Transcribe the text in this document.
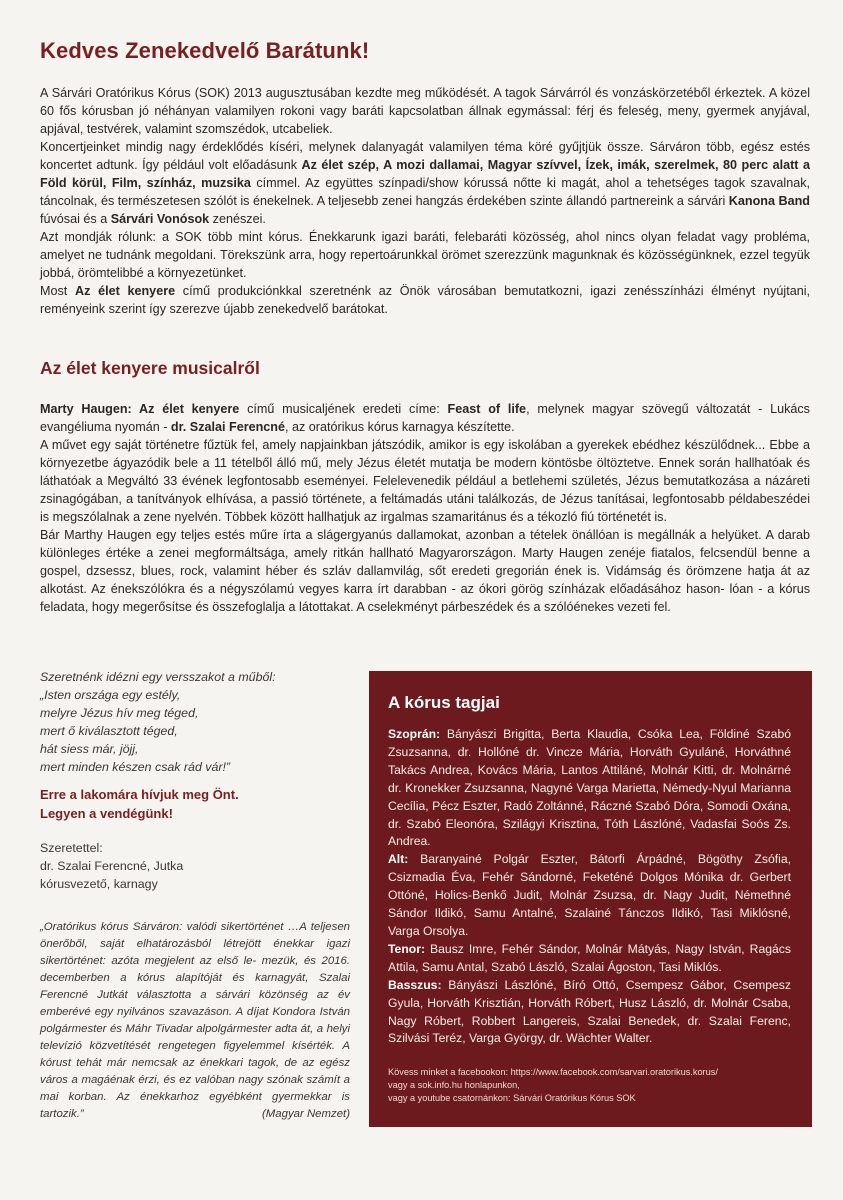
Kedves Zenekedvelő Barátunk!

A Sárvári Oratórikus Kórus (SOK) 2013 augusztusában kezdte meg működését. A tagok Sárvárról és vonzáskörzetéből érkeztek. A közel 60 fős kórusban jó néhányan valamilyen rokoni vagy baráti kapcsolatban állnak egymással: férj és feleség, meny, gyermek anyjával, apjával, testvérek, valamint szomszédok, utcabeliek.

Koncertjeinket mindig nagy érdeklődés kíséri, melynek dalanyagát valamilyen téma köré gyűjtjük össze. Sárváron több, egész estés koncertet adtunk. Így például volt előadásunk Az élet szép, A mozi dallamai, Magyar szívvel, Ízek, imák, szerelmek, 80 perc alatt a Föld körül, Film, színház, muzsika címmel. Az együttes színpadi/show kórussá nőtte ki magát, ahol a tehetséges tagok szavalnak, táncolnak, és természetesen szólót is énekelnek. A teljesebb zenei hangzás érdekében szinte állandó partnereink a sárvári Kanona Band fúvósai és a Sárvári Vonósok zenészei.

Azt mondják rólunk: a SOK több mint kórus. Énekkarunk igazi baráti, felebaráti közösség, ahol nincs olyan feladat vagy probléma, amelyet ne tudnánk megoldani. Törekszünk arra, hogy repertoárunkkal örömet szerezzünk magunknak és közösségünknek, ezzel tegyük jobbá, örömtelibbé a környezetünket.

Most Az élet kenyere című produkciónkkal szeretnénk az Önök városában bemutatkozni, igazi zenésszínházi élményt nyújtani, reményeink szerint így szerezve újabb zenekedvelő barátokat.

Az élet kenyere musicalről

Marty Haugen: Az élet kenyere című musicaljének eredeti címe: Feast of life, melynek magyar szövegű változatát - Lukács evangéliuma nyomán - dr. Szalai Ferencné, az oratórikus kórus karnagya készítette.

A művet egy saját történetre fűztük fel, amely napjainkban játszódik, amikor is egy iskolában a gyerekek ebédhez készülődnek... Ebbe a környezetbe ágyazódik bele a 11 tételből álló mű, mely Jézus életét mutatja be modern köntösbe öltöztetve. Ennek során hallhatóak és láthatóak a Megváltó 33 évének legfontosabb eseményei. Felelevenedik például a betlehemi születés, Jézus bemutatkozása a názáreti zsinagógában, a tanítványok elhívása, a passió története, a feltámadás utáni találkozás, de Jézus tanításai, legfontosabb példabeszédei is megszólalnak a zene nyelvén. Többek között hallhatjuk az irgalmas szamaritánus és a tékozló fiú történetét is.

Bár Marthy Haugen egy teljes estés műre írta a slágergyanús dallamokat, azonban a tételek önállóan is megállnák a helyüket. A darab különleges értéke a zenei megformáltsága, amely ritkán hallható Magyarországon. Marty Haugen zenéje fiatalos, felcsendül benne a gospel, dzsessz, blues, rock, valamint héber és szláv dallamvilág, sőt eredeti gregorián ének is. Vidámság és örömzene hatja át az alkotást. Az énekszólókra és a négyszólamú vegyes karra írt darabban - az ókori görög színházak előadásához hason- lóan - a kórus feladata, hogy megerősítse és összefoglalja a látottakat. A cselekményt párbeszédek és a szólóénekes vezeti fel.

Szeretnénk idézni egy versszakot a műből:
„Isten országa egy estély,
melyre Jézus hív meg téged,
mert ő kiválasztott téged,
hát siess már, jöjj,
mert minden készen csak rád vár!”
Erre a lakomára hívjuk meg Önt.
Legyen a vendégünk!
Szeretettel:
dr. Szalai Ferencné, Jutka
kórusvezető, karnagy
„Oratórikus kórus Sárváron: valódi sikertörténet …A teljesen önerőből, saját elhatározásból létrejött énekkar igazi sikertörténet: azóta megjelent az első le- mezük, és 2016. decemberben a kórus alapítóját és karnagyát, Szalai Ferencné Jutkát választotta a sárvári közönség az év emberévé egy nyilvános szavazáson. A díjat Kondora István polgármester és Máhr Tivadar alpolgármester adta át, a helyi televízió közvetítését rengetegen figyelemmel kísérték. A kórust tehát már nemcsak az énekkari tagok, de az egész város a magáénak érzi, és ez valóban nagy szónak számít a mai korban. Az énekkarhoz egyébként gyermekkar is tartozik.”	(Magyar Nemzet)
A kórus tagjai

Szoprán: Bányászi Brigitta, Berta Klaudia, Csóka Lea, Földiné Szabó Zsuzsanna, dr. Hollóné dr. Vincze Mária, Horváth Gyuláné, Horváthné Takács Andrea, Kovács Mária, Lantos Attiláné, Molnár Kitti, dr. Molnárné dr. Kronekker Zsuzsanna, Nagyné Varga Marietta, Némedy-Nyul Marianna Cecília, Pécz Eszter, Radó Zoltánné, Ráczné Szabó Dóra, Somodi Oxána, dr. Szabó Eleonóra, Szilágyi Krisztina, Tóth Lászlóné, Vadasfai Soós Zs. Andrea.

Alt: Baranyainé Polgár Eszter, Bátorfi Árpádné, Bögöthy Zsófia, Csizmadia Éva, Fehér Sándorné, Feketéné Dolgos Mónika dr. Gerbert Ottóné, Holics-Benkő Judit, Molnár Zsuzsa, dr. Nagy Judit, Némethné Sándor Ildikó, Samu Antalné, Szalainé Tánczos Ildikó, Tasi Miklósné, Varga Orsolya.

Tenor: Bausz Imre, Fehér Sándor, Molnár Mátyás, Nagy István, Ragács Attila, Samu Antal, Szabó László, Szalai Ágoston, Tasi Miklós.

Basszus: Bányászi Lászlóné, Bíró Ottó, Csempesz Gábor, Csempesz Gyula, Horváth Krisztián, Horváth Róbert, Husz László, dr. Molnár Csaba, Nagy Róbert, Robbert Langereis, Szalai Benedek, dr. Szalai Ferenc, Szilvási Teréz, Varga György, dr. Wächter Walter.

Kövess minket a facebookon: https://www.facebook.com/sarvari.oratorikus.korus/
vagy a sok.info.hu honlapunkon,
vagy a youtube csatornánkon: Sárvári Oratórikus Kórus SOK
